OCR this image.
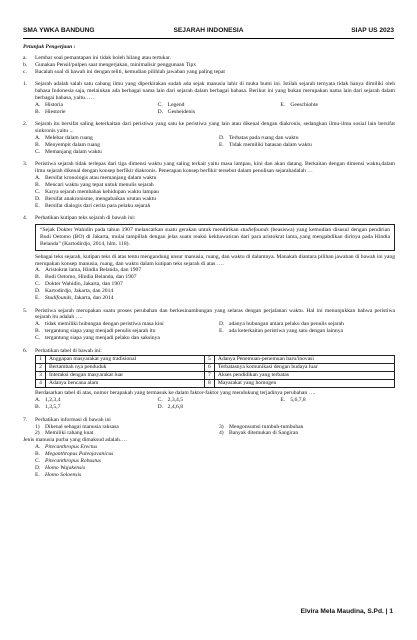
SMA YWKA BANDUNG	SEJARAH INDONESIA	SIAP US 2023
Petunjuk Pengerjaan :
a. Lembar soal pemantapan ini tidak boleh hilang atau tertukar.
b. Gunakan Pensil/pulpen saat mengerjakan, minimalisir penggunaan Tipx
c. Bacalah soal di bawah ini dengan teliti, kemudian pilihlah jawaban yang paling tepat
1. Sejarah adalah salah satu cabang ilmu yang diperkirakan sudah ada sejak manusia lahir di muka bumi ini. Istilah sejarah ternyata tidak hanya dimiliki oleh bahasa Indonesia saja, melainkan ada berbagai nama lain dari sejarah dalam berbagai bahasa. Berikut ini yang bukan merupakan nama lain dari sejarah dalam berbagai bahasa, yaitu…. .

A. Historia	C. Legend	E. Geeschiohte
B. Hiestorie	D. Gesheidenis
2. Sejarah itu bersifat saling keterkaitan dari peristiwa yang satu ke peristiwa yang lain atau dikenal dengan diakronis, sedangkan ilmu-ilmu sosial lain bersifat sinkronis yaitu ...

A. Melebar dalam ruang	D. Terbatas pada ruang dan waktu
B. Menyempit dalam ruang	E. Tidak memiliki batasan dalam waktu
C. Memanjang dalam waktu
3. Peristiwa sejarah tidak terlepas dari tiga dimensi waktu yang saling terkait yaitu masa lampau, kini dan akan datang. Berkaitan dengan dimensi waktu,dalam ilmu sejarah dikenal dengan konsep berfikir diakronis. Penerapan konsep berfikir tersebut dalam penulisan sejarahadalah …

A. Bersifat kronologis atau memanjang dalam waktu
B. Mencari waktu yang tepat untuk menulis sejarah
C. Karya sejarah membahas kehidupan waktu lampau
D. Bersifat anakronisme, mengabaikan urutan waktu
E. Bersifat dialogis dari cerita para pelaku sejarah
4. Perhatikan kutipan teks sejarah di bawah ini:

“Sejak Dokter Wahidin pada tahun 1907 melancarkan suatu gerakan untuk mendirikan studiefounds (beasiswa) yang kemudian disusul dengan pendirian Budi Oetomo (BO) di Jakarta, mulai tampillah dengan jelas suatu reaksi kekhawatiran dari para aristokrat lama,.yang mengabdikan dirinya pada Hindia Belanda” (Kartodirdjo, 2014, hlm. 118).

Sebagai teks sejarah, kutipan teks di atas tentu mengandung unsur manusia, ruang, dan waktu di dalamnya. Manakah diantara pilihan jawaban di bawah ini yang merupakan konsep manusia, ruang, dan waktu dalam kutipan teks sejarah di atas ….

A. Aristokrat lama, Hindia Belanda, dan 1907
B. Budi Oetomo, Hindia Belanda, dan 1907
C. Dokter Wahidin, Jakarta, dan 1907
D. Kartodirdjo, Jakarta, dan 2014
E. Studifounds, Jakarta, dan 2014
5. Peristiwa sejarah merupakan suatu proses perubahan dan berkesinambungan yang selaras dengan perjalanan waktu. Hal ini menunjukkan bahwa peristiwa sejarah itu adalah ….

A. tidak memiliki hubungan dengan peristiwa masa kini	D. adanya hubungan antara pelaku dan penulis sejarah
B. tergantung siapa yang menjadi penulis sejarah itu	E. ada keterkaitan peristiwa yang satu dengan lainnya
C. tergantung siapa yang menjadi pelaku dan saksinya
6. Perhatikan tabel di bawah ini:

1	Anggapan masyarakat yang tradisional	5	Adanya Penemuan-penemuan baru/inovasi
2	Bertambah nya penduduk	6	Terbatasnya komunikasi dengan budaya luar
3	Interaksi dengan masyarakat luar	7	Akses pendidikan yang terbatas
4	Adanya bencana alam	8	Mayarakat yang homogen

Berdasarkan tabel di atas, nomor berapakah yang termasuk ke dalam faktor-faktor yang mendukung terjadinya perubahan ….

A. 1,2,3,4	C. 2,3,4,5	E. 5,6,7,8
B. 1,3,5,7	D. 2,4,6,8
7. Perhatikan informasi di bawah ini

1) Dikenal sebagai manusia raksasa	3) Mengonsumsi tumbuh-tumbuhan
2) Memiliki rahang kuat	4) Banyak ditemukan di Sangiran

Jenis manusia purba yang dimaksud adalah….

A. Pitecanthropus Erectus
B. Meganthropus Paleojavanicus
C. Pitecanthropus Robustus
D. Homo Wajakensis
E. Homo Soloensis
Elvira Mela Maudina, S.Pd. | 1
